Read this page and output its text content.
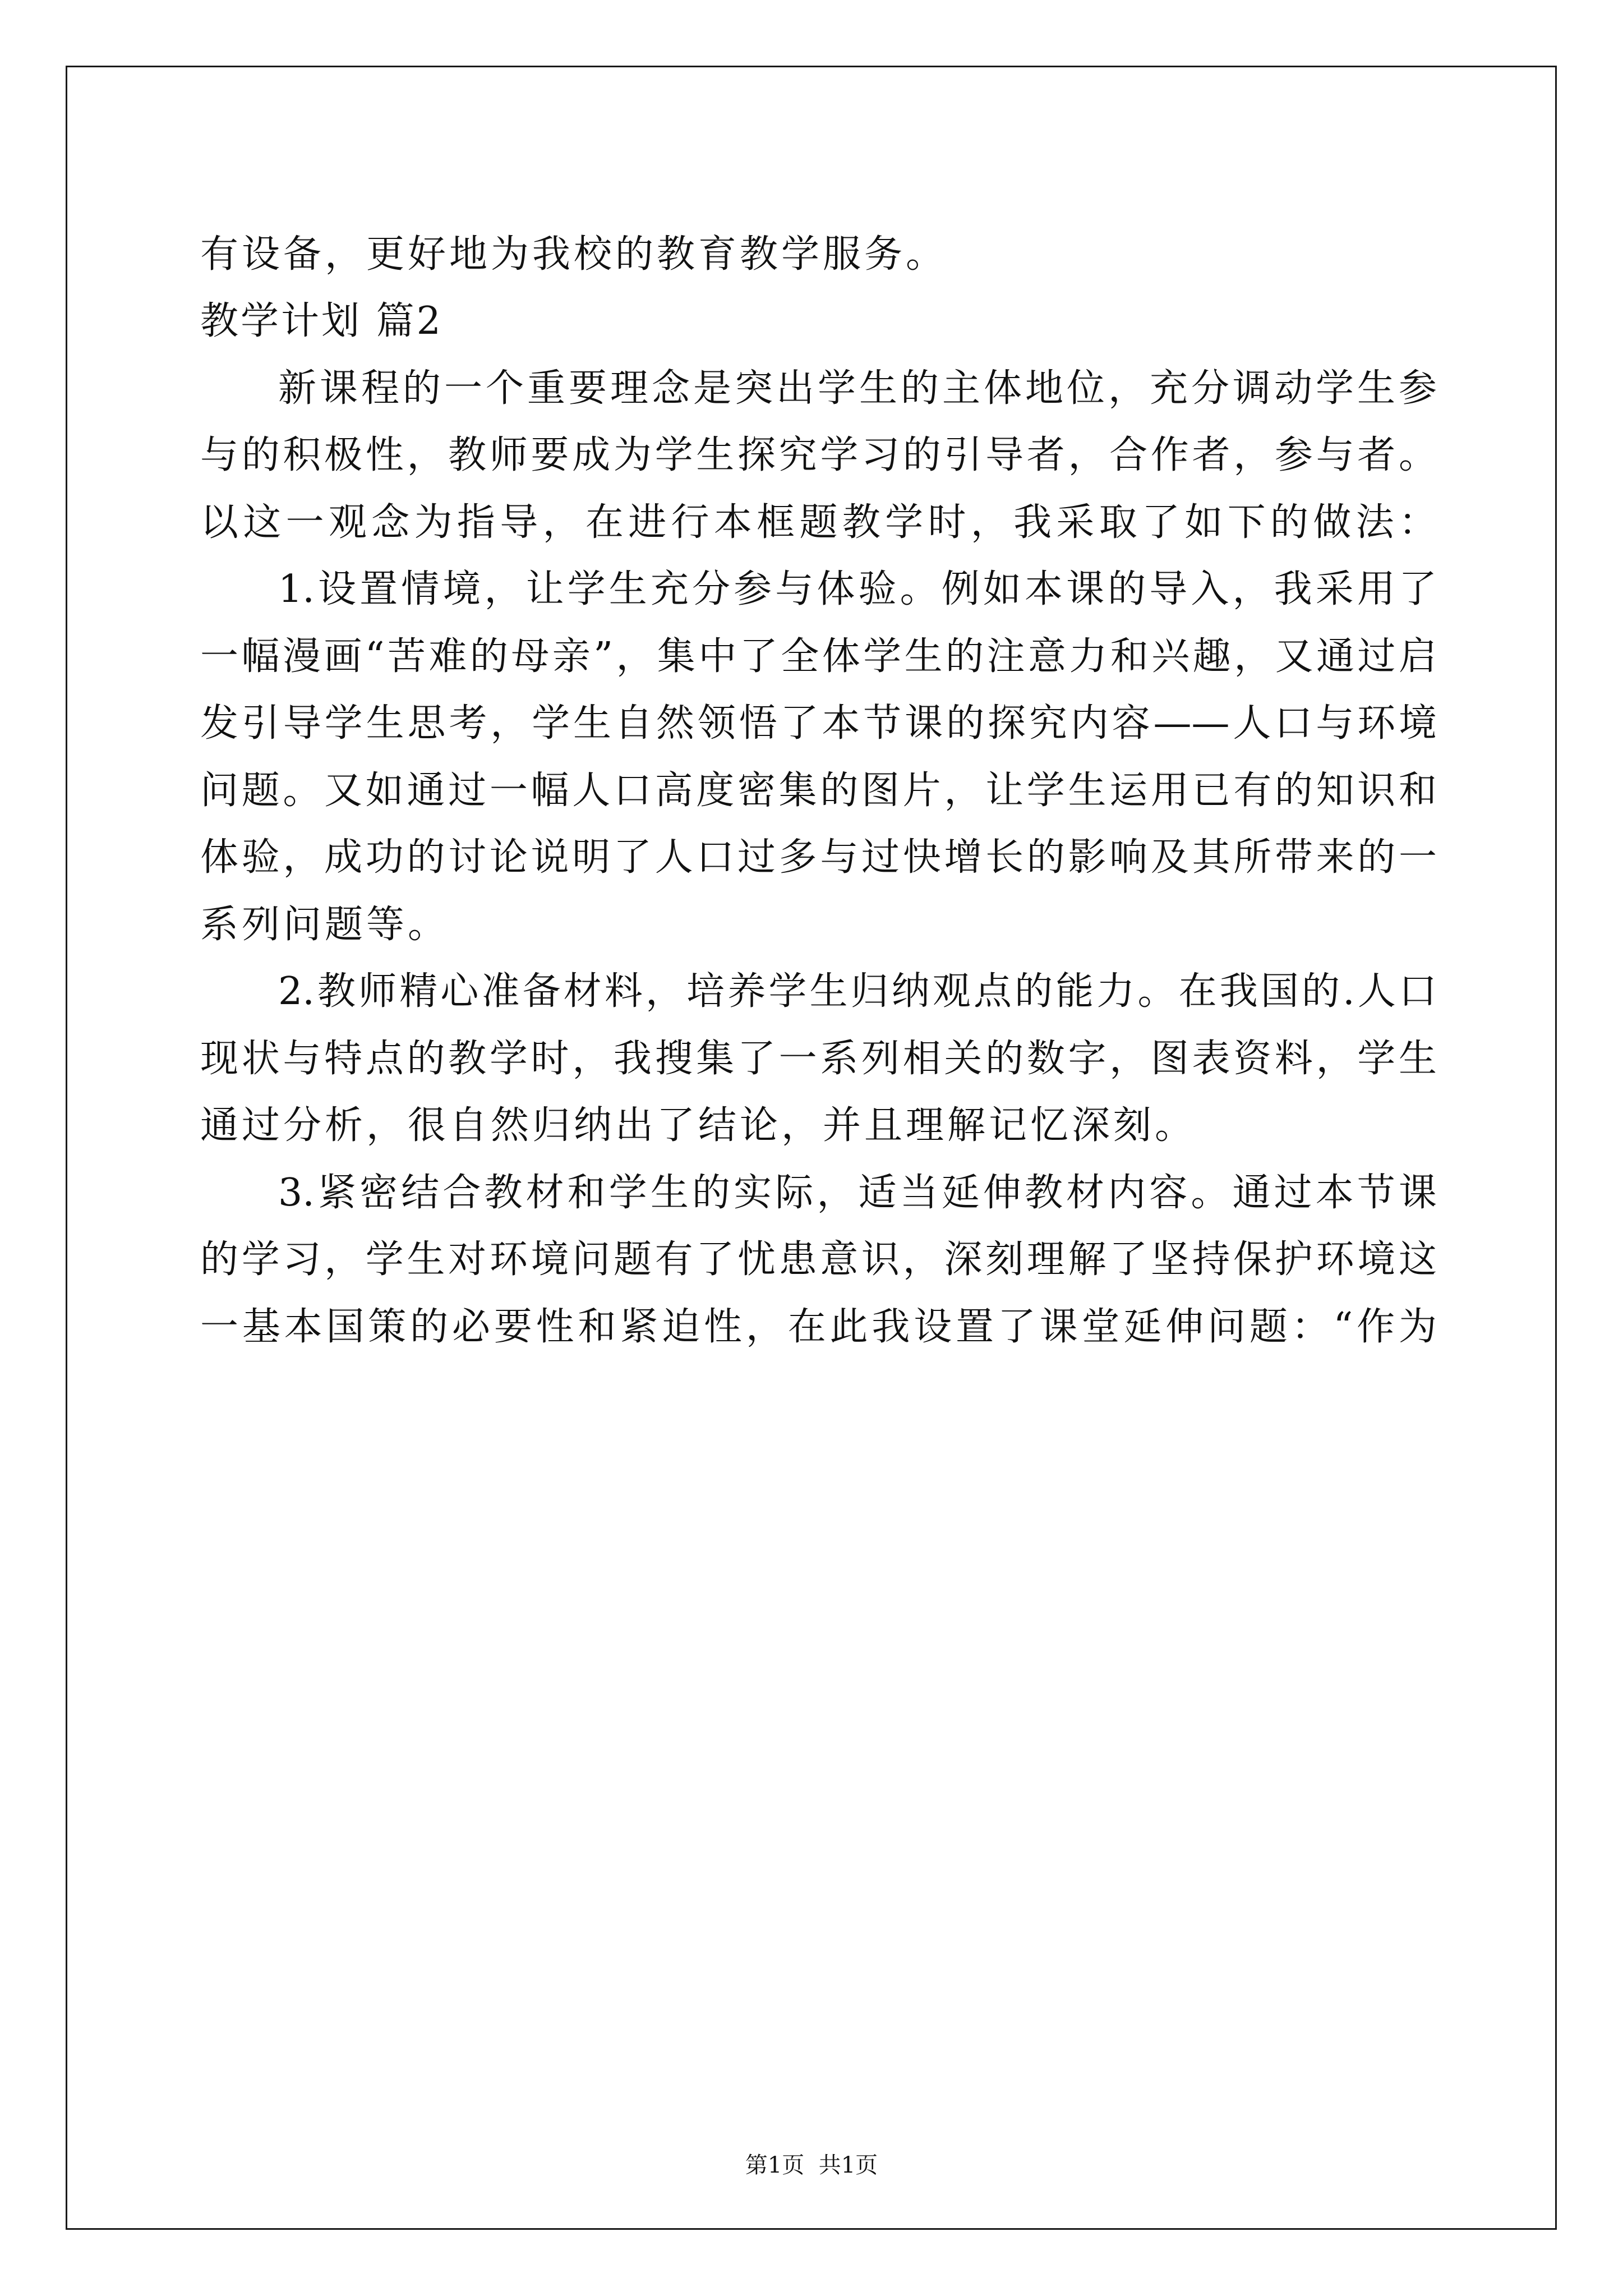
有设备，更好地为我校的教育教学服务。
教学计划 篇2
新课程的一个重要理念是突出学生的主体地位，充分调动学生参
与的积极性，教师要成为学生探究学习的引导者，合作者，参与者。
以这一观念为指导，在进行本框题教学时，我采取了如下的做法：
1.设置情境，让学生充分参与体验。例如本课的导入，我采用了
一幅漫画“苦难的母亲”，集中了全体学生的注意力和兴趣，又通过启
发引导学生思考，学生自然领悟了本节课的探究内容——人口与环境
问题。又如通过一幅人口高度密集的图片，让学生运用已有的知识和
体验，成功的讨论说明了人口过多与过快增长的影响及其所带来的一
系列问题等。
2.教师精心准备材料，培养学生归纳观点的能力。在我国的.人口
现状与特点的教学时，我搜集了一系列相关的数字，图表资料，学生
通过分析，很自然归纳出了结论，并且理解记忆深刻。
3.紧密结合教材和学生的实际，适当延伸教材内容。通过本节课
的学习，学生对环境问题有了忧患意识，深刻理解了坚持保护环境这
一基本国策的必要性和紧迫性，在此我设置了课堂延伸问题：“作为
第1页  共1页
